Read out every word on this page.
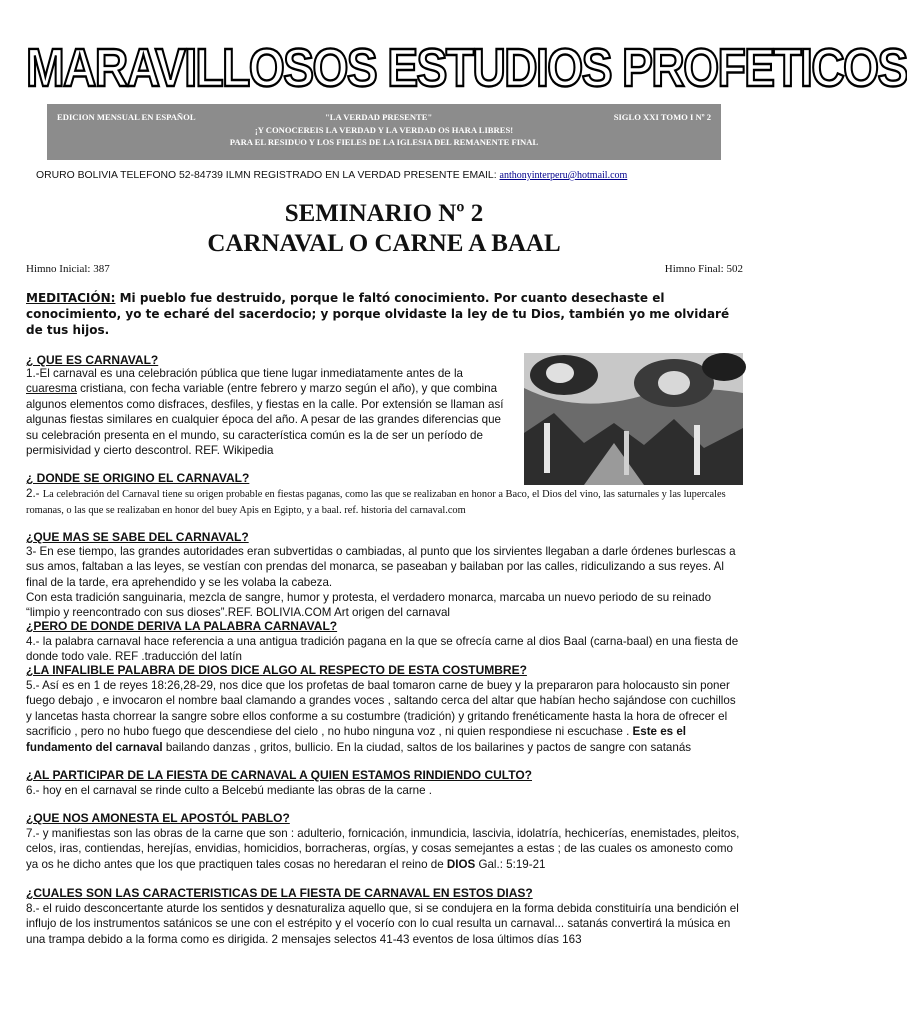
MARAVILLOSOS ESTUDIOS PROFETICOS
EDICION MENSUAL EN ESPAÑOL	"LA VERDAD PRESENTE"	SIGLO XXI TOMO I Nº 2
¡Y CONOCEREIS LA VERDAD Y LA VERDAD OS HARA LIBRES!
PARA EL RESIDUO Y LOS FIELES DE LA IGLESIA DEL REMANENTE FINAL
ORURO BOLIVIA TELEFONO 52-84739 ILMN REGISTRADO EN LA VERDAD PRESENTE EMAIL: anthonyinterperu@hotmail.com
SEMINARIO Nº 2
CARNAVAL O CARNE A BAAL
Himno Inicial: 387	Himno Final: 502
MEDITACIÓN: Mi pueblo fue destruido, porque le faltó conocimiento. Por cuanto desechaste el conocimiento, yo te echaré del sacerdocio; y porque olvidaste la ley de tu Dios, también yo me olvidaré de tus hijos.
¿ QUE ES CARNAVAL?
1.-El carnaval es una celebración pública que tiene lugar inmediatamente antes de la cuaresma cristiana, con fecha variable (entre febrero y marzo según el año), y que combina algunos elementos como disfraces, desfiles, y fiestas en la calle. Por extensión se llaman así algunas fiestas similares en cualquier época del año. A pesar de las grandes diferencias que su celebración presenta en el mundo, su característica común es la de ser un período de permisividad y cierto descontrol. REF. Wikipedia
¿ DONDE SE ORIGINO EL CARNAVAL?
2.- La celebración del Carnaval tiene su origen probable en fiestas paganas, como las que se realizaban en honor a Baco, el Dios del vino, las saturnales y las lupercales romanas, o las que se realizaban en honor del buey Apis en Egipto, y a baal. ref. historia del carnaval.com
¿QUE MAS SE SABE DEL CARNAVAL?
3- En ese tiempo, las grandes autoridades eran subvertidas o cambiadas, al punto que los sirvientes llegaban a darle órdenes burlescas a sus amos, faltaban a las leyes, se vestían con prendas del monarca, se paseaban y bailaban por las calles, ridiculizando a sus reyes. Al final de la tarde, era aprehendido y se les volaba la cabeza.
Con esta tradición sanguinaria, mezcla de sangre, humor y protesta, el verdadero monarca, marcaba un nuevo periodo de su reinado “limpio y reencontrado con sus dioses”.REF. BOLIVIA.COM Art origen del carnaval
¿PERO DE DONDE DERIVA LA PALABRA CARNAVAL?
4.- la palabra carnaval hace referencia a una antigua tradición pagana en la que se ofrecía carne al dios Baal (carna-baal) en una fiesta de donde todo vale. REF .traducción del latín
¿LA INFALIBLE PALABRA DE DIOS DICE ALGO AL RESPECTO DE ESTA COSTUMBRE?
5.- Así es en 1 de reyes 18:26,28-29, nos dice que los profetas de baal tomaron carne de buey y la prepararon para holocausto sin poner fuego debajo , e invocaron el nombre baal clamando a grandes voces , saltando cerca del altar que habían hecho sajándose con cuchillos y lancetas hasta chorrear la sangre sobre ellos conforme a su costumbre (tradición) y gritando frenéticamente hasta la hora de ofrecer el sacrificio , pero no hubo fuego que descendiese del cielo , no hubo ninguna voz , ni quien respondiese ni escuchase . Este es el fundamento del carnaval bailando danzas , gritos, bullicio. En la ciudad, saltos de los bailarines y pactos de sangre con satanás
¿AL PARTICIPAR DE LA FIESTA DE CARNAVAL A QUIEN ESTAMOS RINDIENDO CULTO?
6.- hoy en el carnaval se rinde culto a Belcebú mediante las obras de la carne .
¿QUE NOS AMONESTA EL APOSTÓL PABLO?
7.- y manifiestas son las obras de la carne que son : adulterio, fornicación, inmundicia, lascivia, idolatría, hechicerías, enemistades, pleitos, celos, iras, contiendas, herejías, envidias, homicidios, borracheras, orgías, y cosas semejantes a estas ; de las cuales os amonesto como ya os he dicho antes que los que practiquen tales cosas no heredaran el reino de DIOS Gal.: 5:19-21
¿CUALES SON LAS CARACTERISTICAS DE LA FIESTA DE CARNAVAL EN ESTOS DIAS?
8.- el ruido desconcertante aturde los sentidos y desnaturaliza aquello que, si se condujera en la forma debida constituiría una bendición el influjo de los instrumentos satánicos se une con el estrépito y el vocerío con lo cual resulta un carnaval... satanás convertirá la música en una trampa debido a la forma como es dirigida. 2 mensajes selectos 41-43 eventos de losa últimos días 163
